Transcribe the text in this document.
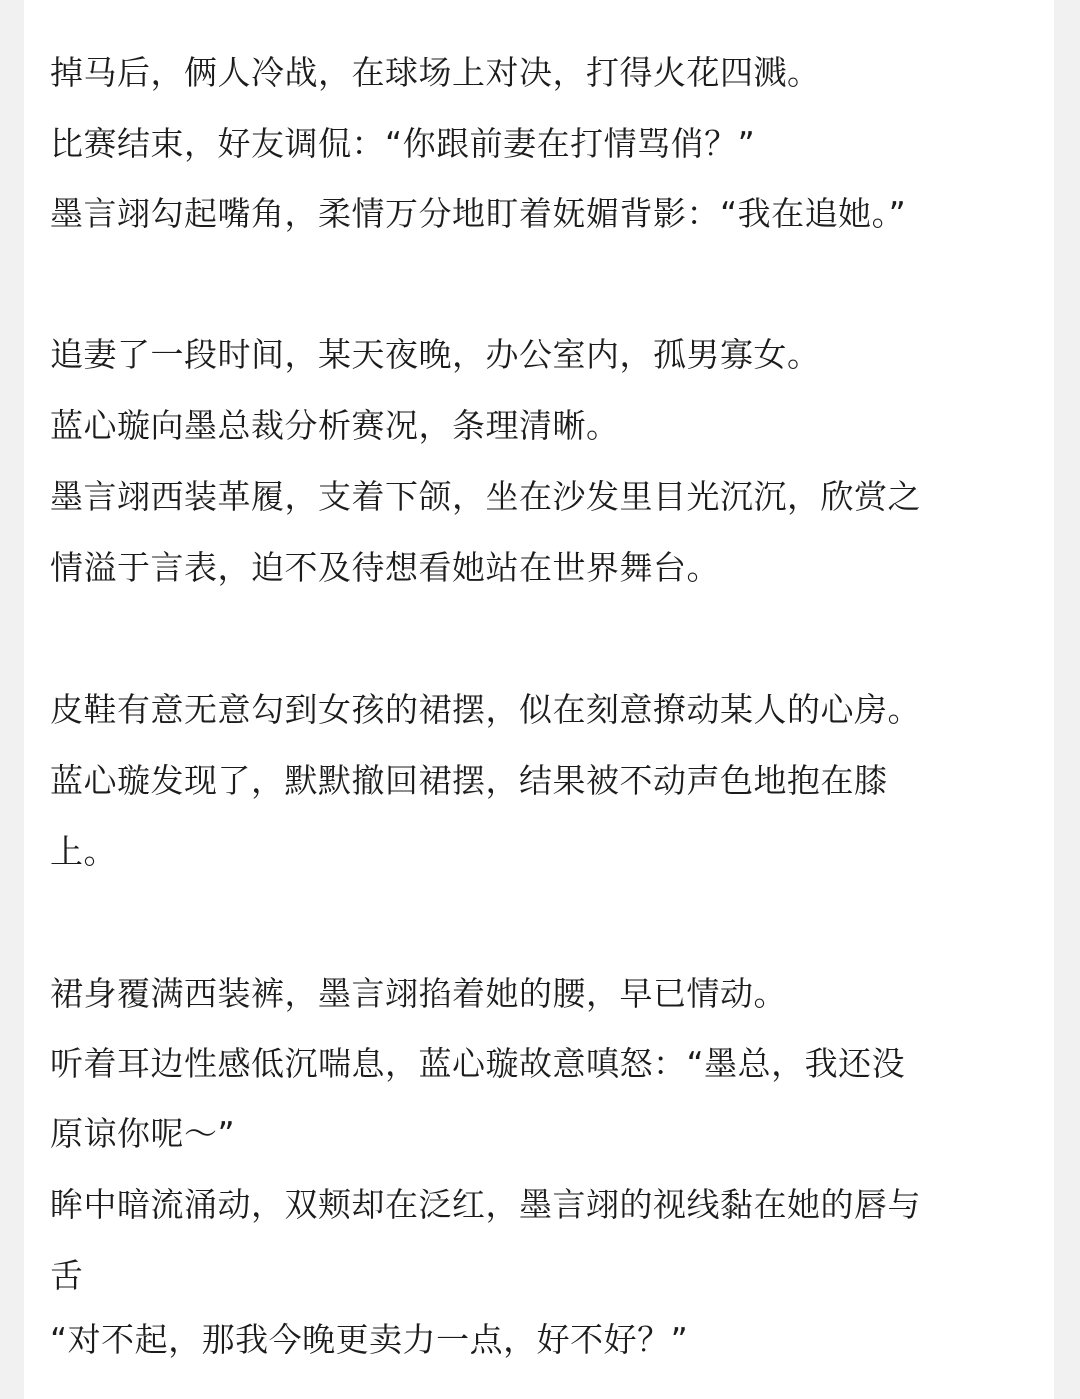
掉马后，俩人冷战，在球场上对决，打得火花四溅。
比赛结束，好友调侃：“你跟前妻在打情骂俏？”
墨言翊勾起嘴角，柔情万分地盯着妩媚背影：“我在追她。”
追妻了一段时间，某天夜晚，办公室内，孤男寡女。
蓝心璇向墨总裁分析赛况，条理清晰。
墨言翊西装革履，支着下颌，坐在沙发里目光沉沉，欣赏之
情溢于言表，迫不及待想看她站在世界舞台。
皮鞋有意无意勾到女孩的裙摆，似在刻意撩动某人的心房。
蓝心璇发现了，默默撤回裙摆，结果被不动声色地抱在膝
上。
裙身覆满西装裤，墨言翊掐着她的腰，早已情动。
听着耳边性感低沉喘息，蓝心璇故意嗔怒：“墨总，我还没
原谅你呢～”
眸中暗流涌动，双颊却在泛红，墨言翊的视线黏在她的唇与
舌
“对不起，那我今晚更卖力一点，好不好？”
